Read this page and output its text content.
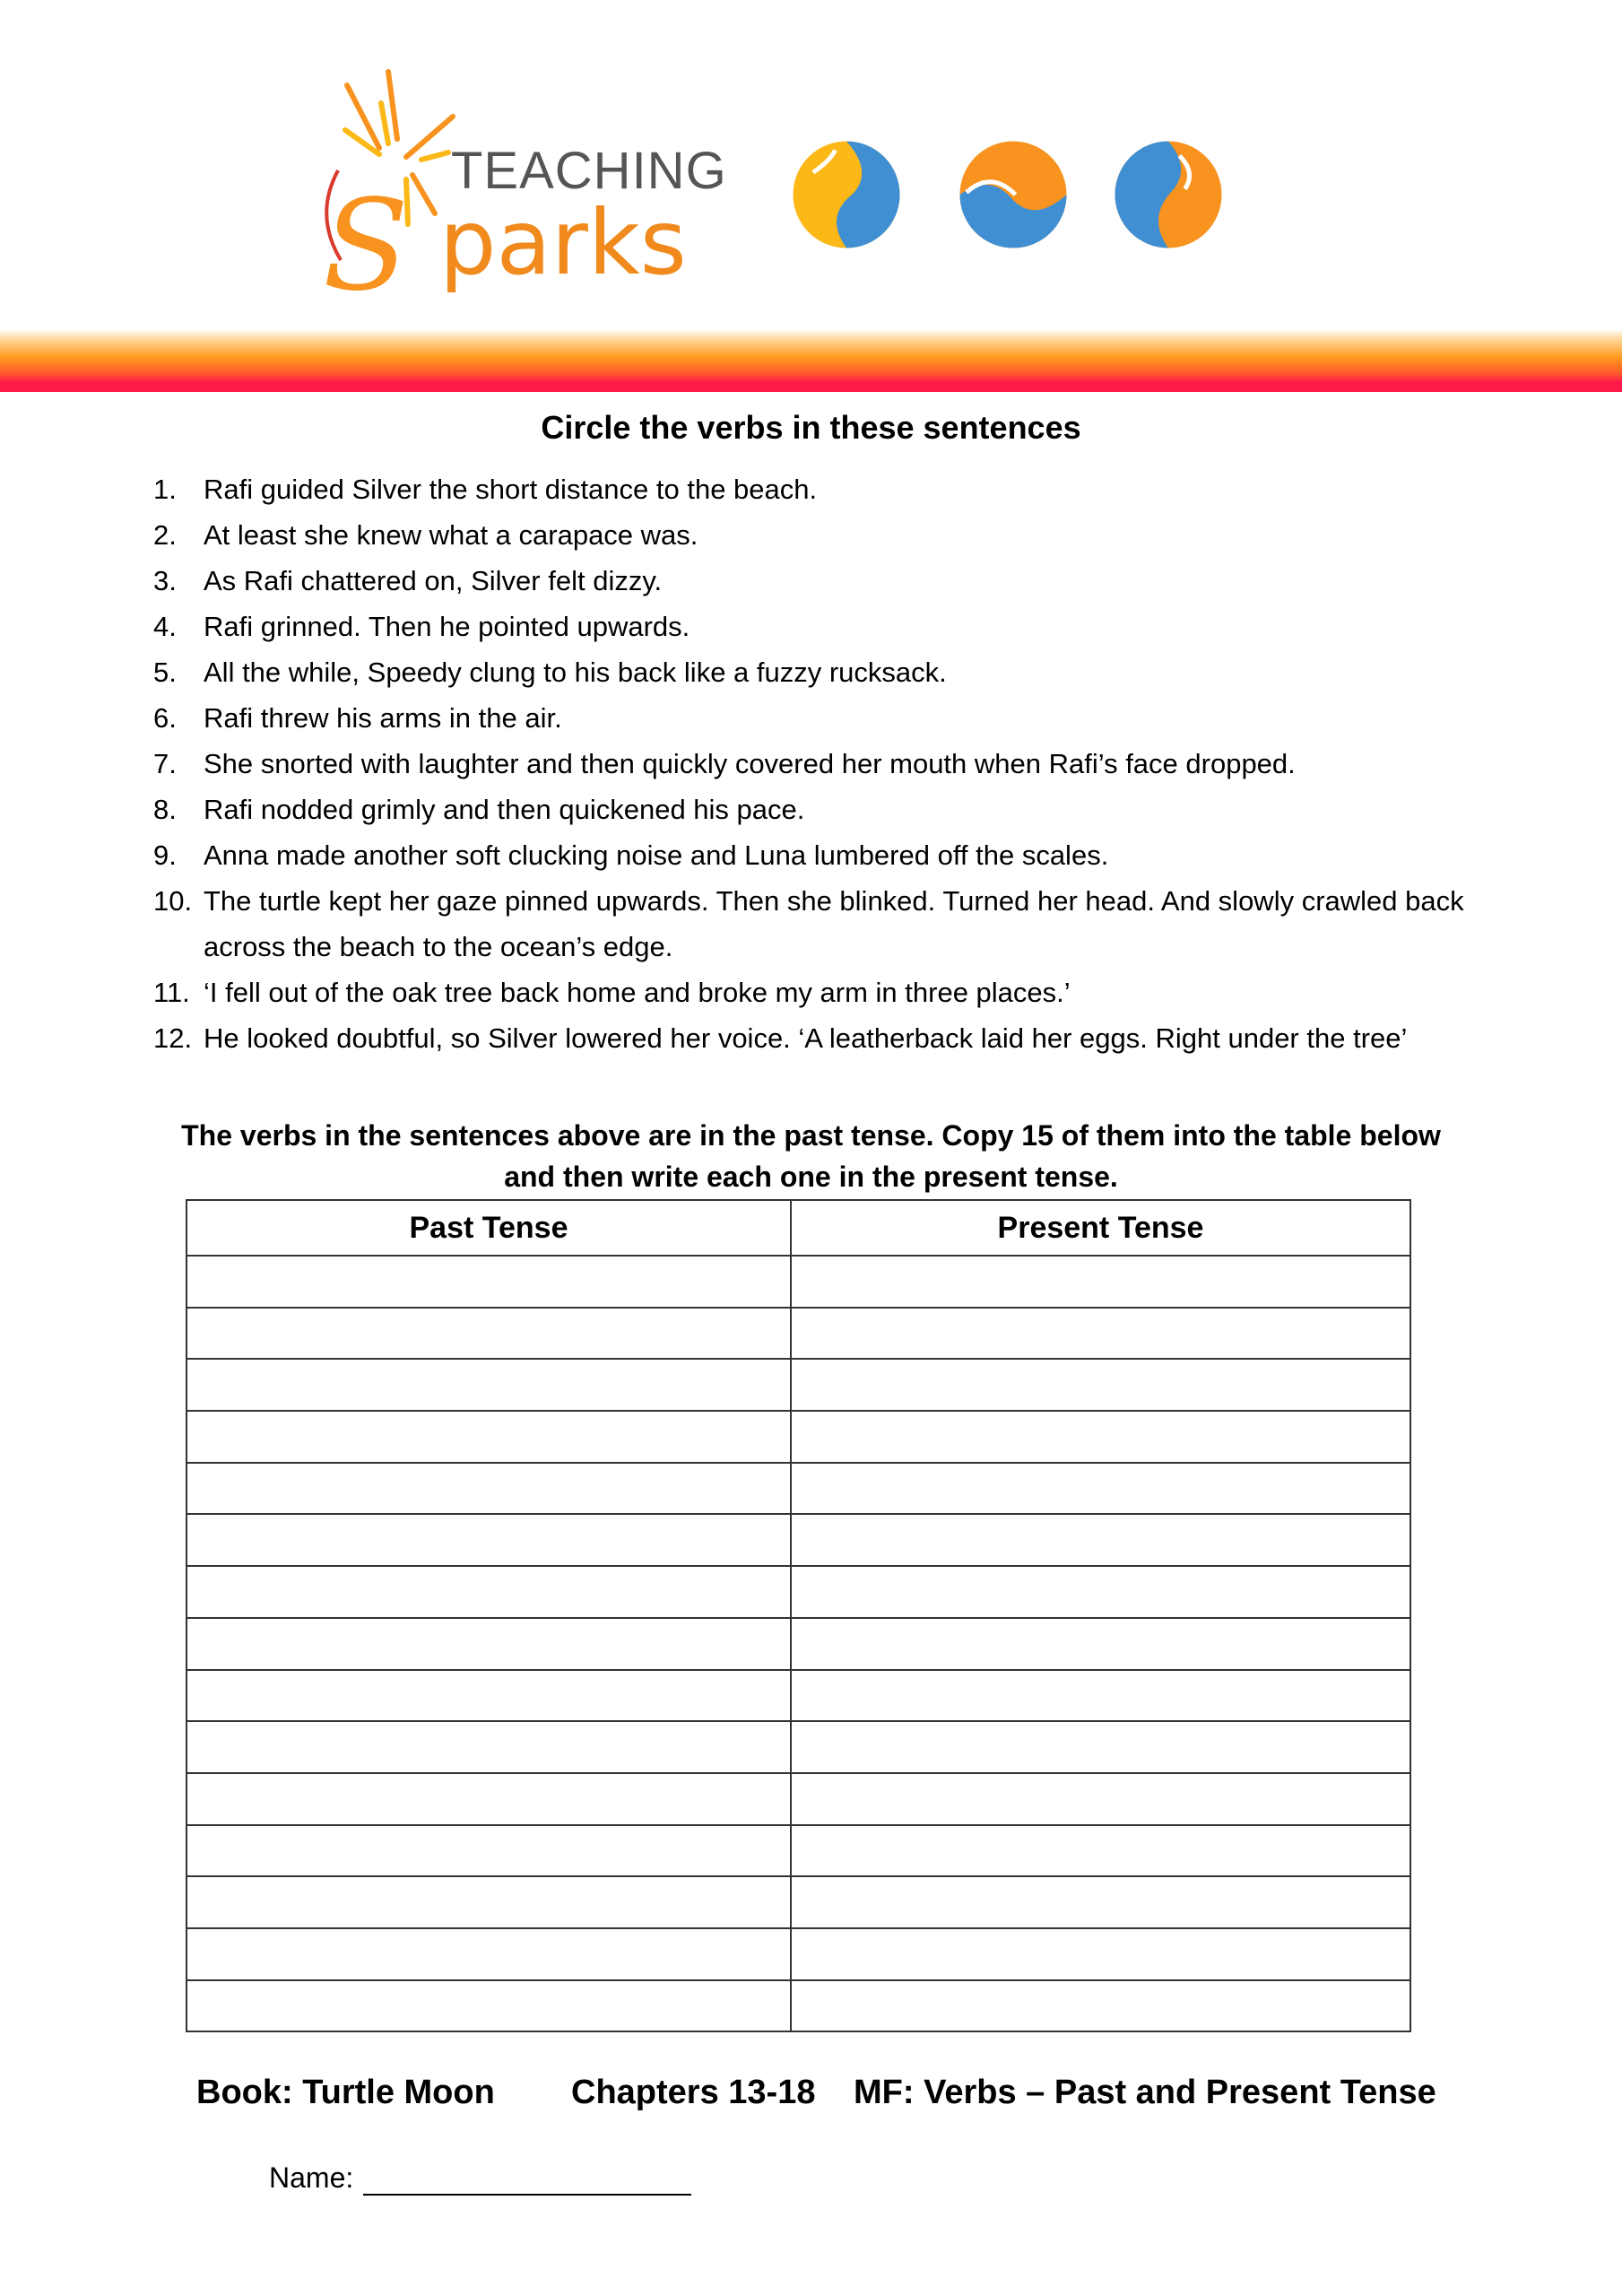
TEACHING
S parks
Circle the verbs in these sentences
1. Rafi guided Silver the short distance to the beach.
2. At least she knew what a carapace was.
3. As Rafi chattered on, Silver felt dizzy.
4. Rafi grinned. Then he pointed upwards.
5. All the while, Speedy clung to his back like a fuzzy rucksack.
6. Rafi threw his arms in the air.
7. She snorted with laughter and then quickly covered her mouth when Rafi’s face dropped.
8. Rafi nodded grimly and then quickened his pace.
9. Anna made another soft clucking noise and Luna lumbered off the scales.
10. The turtle kept her gaze pinned upwards. Then she blinked. Turned her head. And slowly crawled back across the beach to the ocean’s edge.
11. ‘I fell out of the oak tree back home and broke my arm in three places.’
12. He looked doubtful, so Silver lowered her voice. ‘A leatherback laid her eggs. Right under the tree’
The verbs in the sentences above are in the past tense. Copy 15 of them into the table below
and then write each one in the present tense.
Past Tense	Present Tense

Book: Turtle Moon Chapters 13-18 MF: Verbs – Past and Present Tense
Name:
